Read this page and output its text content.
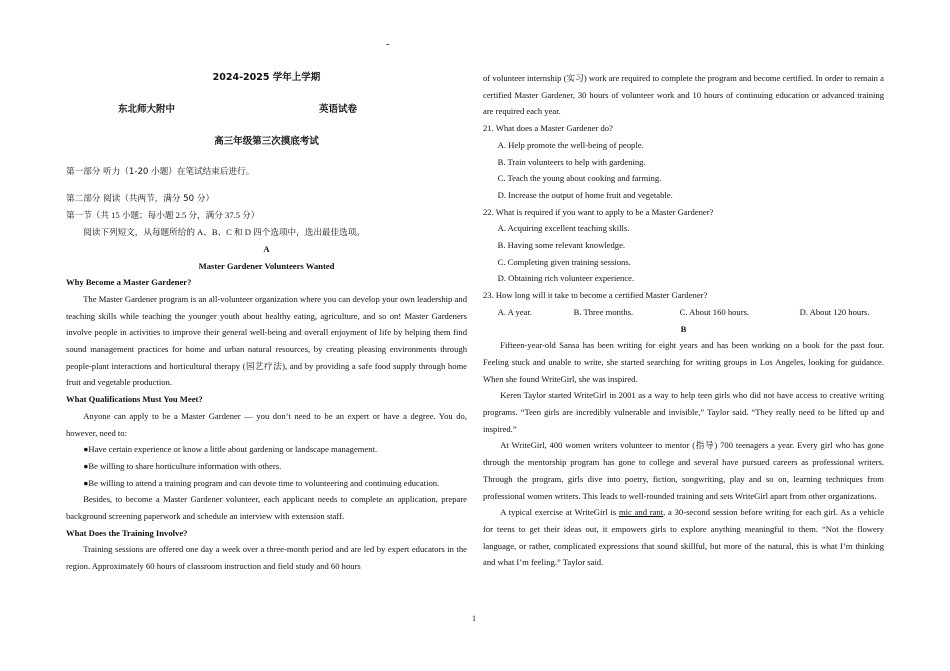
-
2024-2025 学年上学期
东北师大附中	英语试卷
高三年级第三次摸底考试

第一部分 听力（1-20 小题）在笔试结束后进行。

第二部分 阅读（共两节，满分 50 分）

第一节（共 15 小题；每小题 2.5 分，满分 37.5 分）

阅读下列短文，从每题所给的 A、B、C 和 D 四个选项中，选出最佳选项。

A

Master Gardener Volunteers Wanted

Why Become a Master Gardener?

The Master Gardener program is an all-volunteer organization where you can develop your own leadership and teaching skills while teaching the younger youth about healthy eating, agriculture, and so on! Master Gardeners involve people in activities to improve their general well-being and overall enjoyment of life by helping them find sound management practices for home and urban natural resources, by creating pleasing environments through people-plant interactions and horticultural therapy (园艺疗法), and by providing a safe food supply through home fruit and vegetable production.

What Qualifications Must You Meet?

Anyone can apply to be a Master Gardener — you don’t need to be an expert or have a degree. You do, however, need to:

●Have certain experience or know a little about gardening or landscape management.

●Be willing to share horticulture information with others.

●Be willing to attend a training program and can devote time to volunteering and continuing education.

Besides, to become a Master Gardener volunteer, each applicant needs to complete an application, prepare background screening paperwork and schedule an interview with extension staff.

What Does the Training Involve?

Training sessions are offered one day a week over a three-month period and are led by expert educators in the region. Approximately 60 hours of classroom instruction and field study and 60 hours

of volunteer internship (实习) work are required to complete the program and become certified. In order to remain a certified Master Gardener, 30 hours of volunteer work and 10 hours of continuing education or advanced training are required each year.

21. What does a Master Gardener do?

A. Help promote the well-being of people.

B. Train volunteers to help with gardening.

C. Teach the young about cooking and farming.

D. Increase the output of home fruit and vegetable.

22. What is required if you want to apply to be a Master Gardener?

A. Acquiring excellent teaching skills.

B. Having some relevant knowledge.

C. Completing given training sessions.

D. Obtaining rich volunteer experience.

23. How long will it take to become a certified Master Gardener?

A. A year.	B. Three months.	C. About 160 hours.	D. About 120 hours.

B

Fifteen-year-old Sansa has been writing for eight years and has been working on a book for the past four. Feeling stuck and unable to write, she started searching for writing groups in Los Angeles, looking for guidance. When she found WriteGirl, she was inspired.

Keren Taylor started WriteGirl in 2001 as a way to help teen girls who did not have access to creative writing programs. “Teen girls are incredibly vulnerable and invisible,” Taylor said. “They really need to be lifted up and inspired.”

At WriteGirl, 400 women writers volunteer to mentor (指导) 700 teenagers a year. Every girl who has gone through the mentorship program has gone to college and several have pursued careers as professional writers. Through the program, girls dive into poetry, fiction, songwriting, play and so on, learning techniques from professional women writers. This leads to well-rounded training and sets WriteGirl apart from other organizations.

A typical exercise at WriteGirl is mic and rant, a 30-second session before writing for each girl. As a vehicle for teens to get their ideas out, it empowers girls to explore anything meaningful to them. “Not the flowery language, or rather, complicated expressions that sound skillful, but more of the natural, this is what I’m thinking and what I’m feeling.” Taylor said.

1
